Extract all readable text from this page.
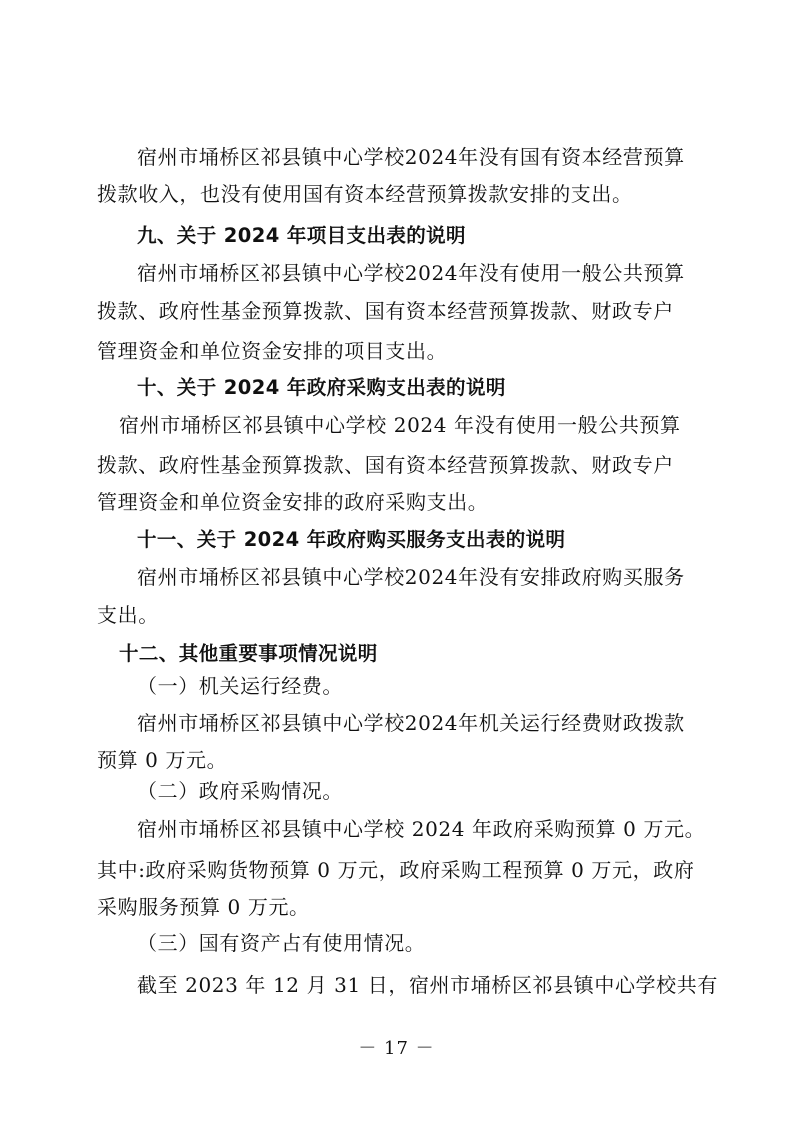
宿州市埇桥区祁县镇中心学校2024年没有国有资本经营预算
拨款收入，也没有使用国有资本经营预算拨款安排的支出。
九、关于 2024 年项目支出表的说明
宿州市埇桥区祁县镇中心学校2024年没有使用一般公共预算
拨款、政府性基金预算拨款、国有资本经营预算拨款、财政专户
管理资金和单位资金安排的项目支出。
十、关于 2024 年政府采购支出表的说明
宿州市埇桥区祁县镇中心学校 2024 年没有使用一般公共预算
拨款、政府性基金预算拨款、国有资本经营预算拨款、财政专户
管理资金和单位资金安排的政府采购支出。
十一、关于 2024 年政府购买服务支出表的说明
宿州市埇桥区祁县镇中心学校2024年没有安排政府购买服务
支出。
十二、其他重要事项情况说明
（一）机关运行经费。
宿州市埇桥区祁县镇中心学校2024年机关运行经费财政拨款
预算 0 万元。
（二）政府采购情况。
宿州市埇桥区祁县镇中心学校 2024 年政府采购预算 0 万元。
其中:政府采购货物预算 0 万元，政府采购工程预算 0 万元，政府
采购服务预算 0 万元。
（三）国有资产占有使用情况。
截至 2023 年 12 月 31 日，宿州市埇桥区祁县镇中心学校共有
－ 17 －
